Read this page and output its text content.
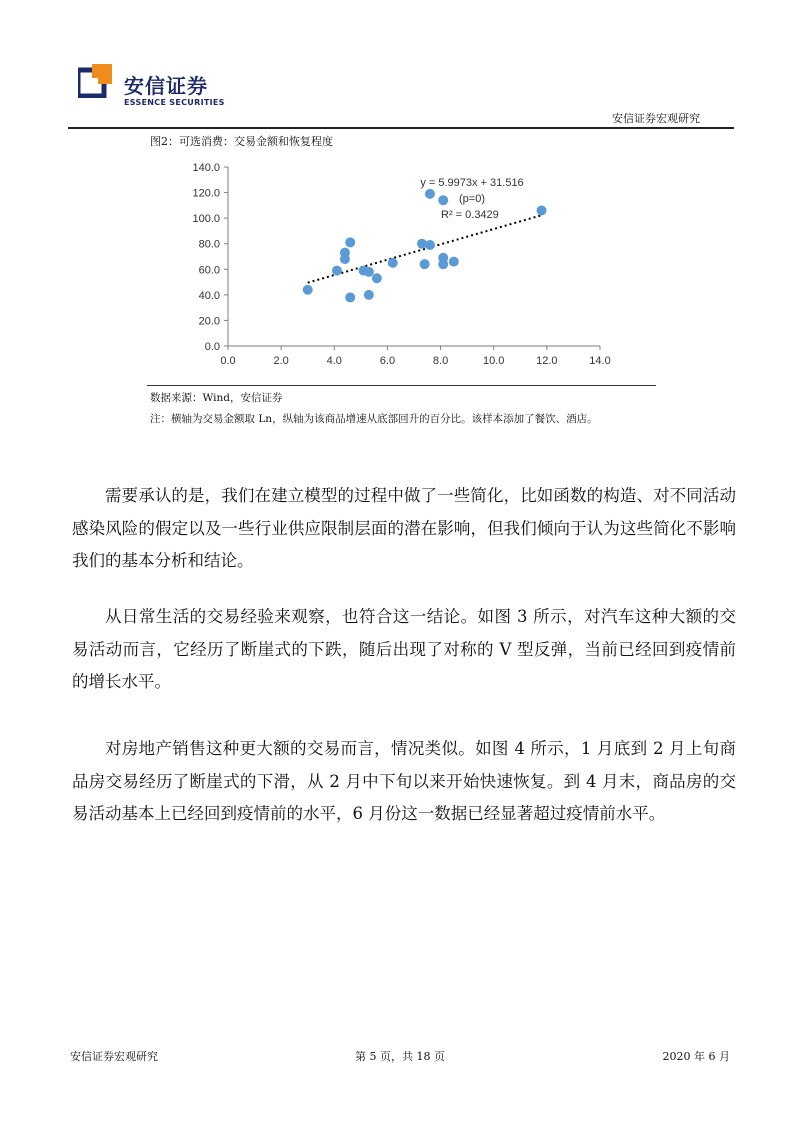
安信证券
ESSENCE SECURITIES
安信证券宏观研究
图2：可选消费：交易金额和恢复程度
0.0	2.0	4.0	6.0	8.0	10.0	12.0	14.0
0.0
20.0
40.0
60.0
80.0
100.0
120.0
140.0
y = 5.9973x + 31.516
(p=0)
R² = 0.3429
数据来源：Wind，安信证券
注：横轴为交易金额取 Ln，纵轴为该商品增速从底部回升的百分比。该样本添加了餐饮、酒店。
需要承认的是，我们在建立模型的过程中做了一些简化，比如函数的构造、对不同活动感染风险的假定以及一些行业供应限制层面的潜在影响，但我们倾向于认为这些简化不影响我们的基本分析和结论。
从日常生活的交易经验来观察，也符合这一结论。如图 3 所示，对汽车这种大额的交易活动而言，它经历了断崖式的下跌，随后出现了对称的 V 型反弹，当前已经回到疫情前的增长水平。
对房地产销售这种更大额的交易而言，情况类似。如图 4 所示，1 月底到 2 月上旬商品房交易经历了断崖式的下滑，从 2 月中下旬以来开始快速恢复。到 4 月末，商品房的交易活动基本上已经回到疫情前的水平，6 月份这一数据已经显著超过疫情前水平。
安信证券宏观研究	第 5 页，共 18 页	2020 年 6 月
